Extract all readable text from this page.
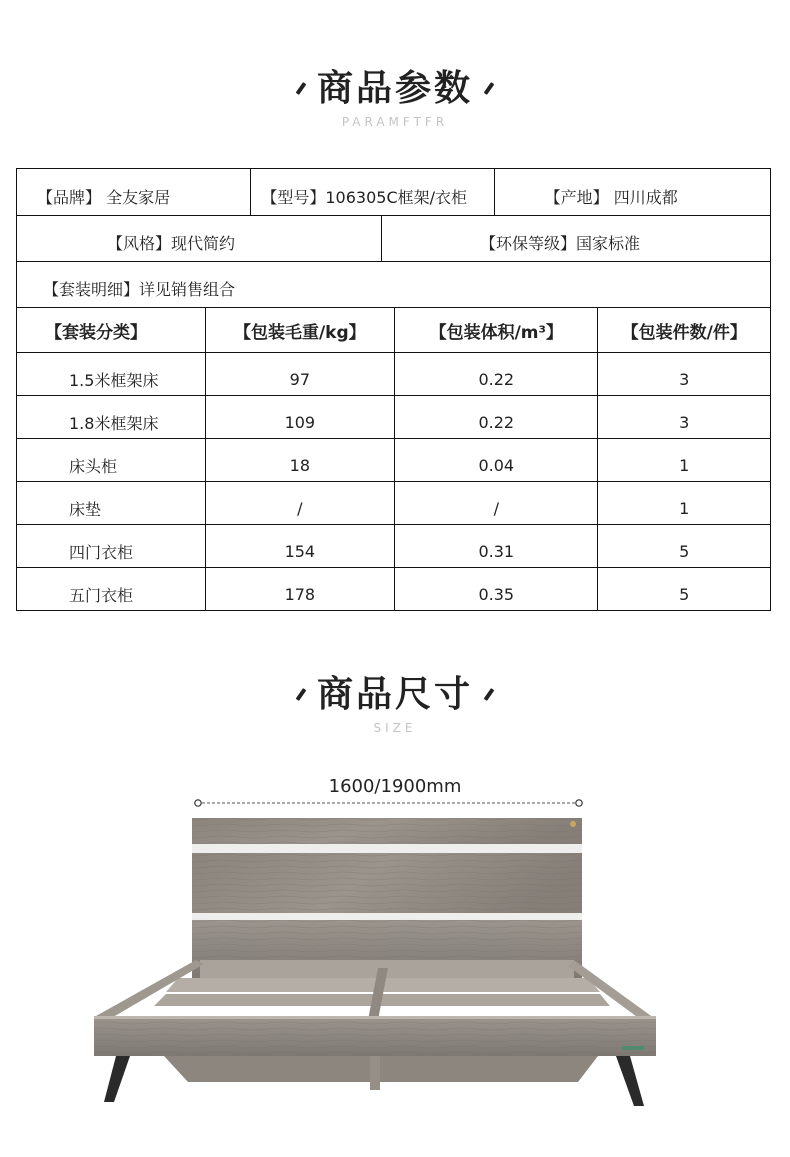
商品参数
PARAMFTFR
【品牌】 全友家居	【型号】106305C框架/衣柜	【产地】 四川成都
【风格】现代简约	【环保等级】国家标准
【套装明细】详见销售组合
【套装分类】	【包装毛重/kg】	【包装体积/m³】	【包装件数/件】
1.5米框架床	97	0.22	3
1.8米框架床	109	0.22	3
床头柜	18	0.04	1
床垫	/	/	1
四门衣柜	154	0.31	5
五门衣柜	178	0.35	5
商品尺寸
SIZE
1600/1900mm
